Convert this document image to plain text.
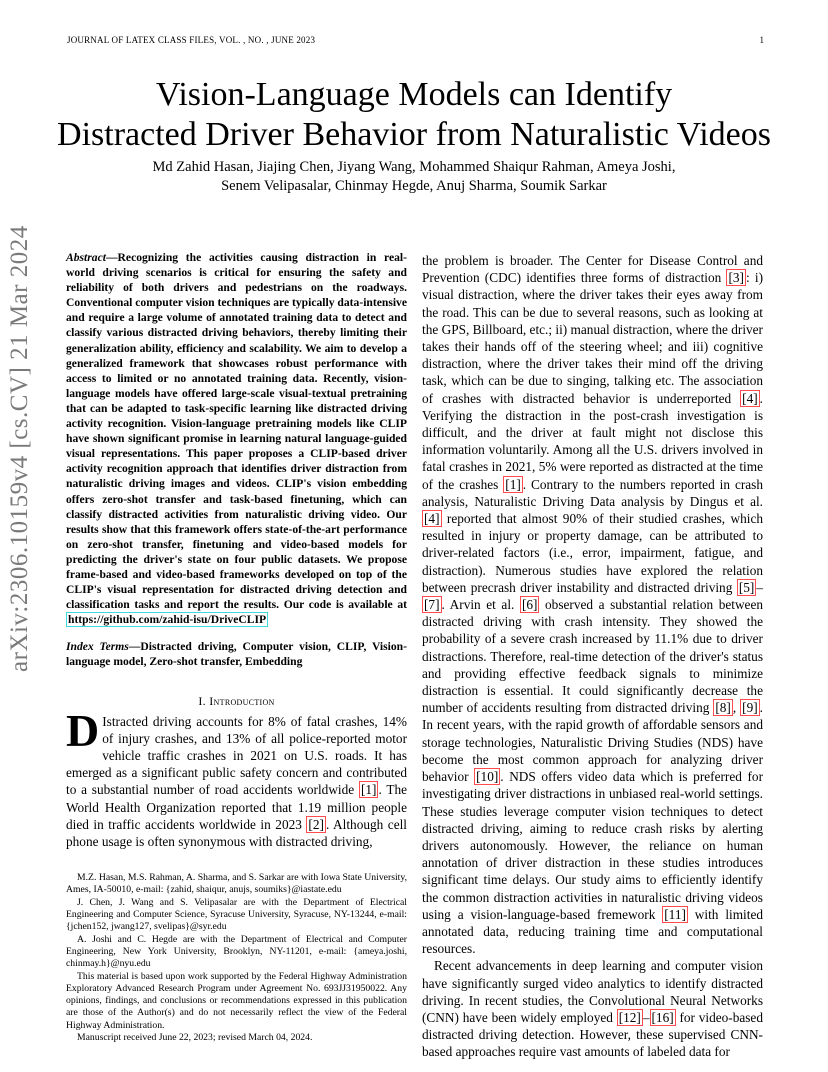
JOURNAL OF LATEX CLASS FILES, VOL. , NO. , JUNE 2023	1
arXiv:2306.10159v4 [cs.CV] 21 Mar 2024
Vision-Language Models can Identify
Distracted Driver Behavior from Naturalistic Videos
Md Zahid Hasan, Jiajing Chen, Jiyang Wang, Mohammed Shaiqur Rahman, Ameya Joshi,
Senem Velipasalar, Chinmay Hegde, Anuj Sharma, Soumik Sarkar

Abstract—Recognizing the activities causing distraction in real-world driving scenarios is critical for ensuring the safety and reliability of both drivers and pedestrians on the roadways. Conventional computer vision techniques are typically data-intensive and require a large volume of annotated training data to detect and classify various distracted driving behaviors, thereby limiting their generalization ability, efficiency and scalability. We aim to develop a generalized framework that showcases robust performance with access to limited or no annotated training data. Recently, vision-language models have offered large-scale visual-textual pretraining that can be adapted to task-specific learning like distracted driving activity recognition. Vision-language pretraining models like CLIP have shown significant promise in learning natural language-guided visual representations. This paper proposes a CLIP-based driver activity recognition approach that identifies driver distraction from naturalistic driving images and videos. CLIP's vision embedding offers zero-shot transfer and task-based finetuning, which can classify distracted activities from naturalistic driving video. Our results show that this framework offers state-of-the-art performance on zero-shot transfer, finetuning and video-based models for predicting the driver's state on four public datasets. We propose frame-based and video-based frameworks developed on top of the CLIP's visual representation for distracted driving detection and classification tasks and report the results. Our code is available at https://github.com/zahid-isu/DriveCLIP

Index Terms—Distracted driving, Computer vision, CLIP, Vision-language model, Zero-shot transfer, Embedding

I. Introduction

D Istracted driving accounts for 8% of fatal crashes, 14% of injury crashes, and 13% of all police-reported motor vehicle traffic crashes in 2021 on U.S. roads. It has emerged as a significant public safety concern and contributed to a substantial number of road accidents worldwide [1] . The World Health Organization reported that 1.19 million people died in traffic accidents worldwide in 2023 [2] . Although cell phone usage is often synonymous with distracted driving,

M.Z. Hasan, M.S. Rahman, A. Sharma, and S. Sarkar are with Iowa State University, Ames, IA-50010, e-mail: {zahid, shaiqur, anujs, soumiks}@iastate.edu

J. Chen, J. Wang and S. Velipasalar are with the Department of Electrical Engineering and Computer Science, Syracuse University, Syracuse, NY-13244, e-mail: {jchen152, jwang127, svelipas}@syr.edu

A. Joshi and C. Hegde are with the Department of Electrical and Computer Engineering, New York University, Brooklyn, NY-11201, e-mail: {ameya.joshi, chinmay.h}@nyu.edu

This material is based upon work supported by the Federal Highway Administration Exploratory Advanced Research Program under Agreement No. 693JJ31950022. Any opinions, findings, and conclusions or recommendations expressed in this publication are those of the Author(s) and do not necessarily reflect the view of the Federal Highway Administration.

Manuscript received June 22, 2023; revised March 04, 2024.

the problem is broader. The Center for Disease Control and Prevention (CDC) identifies three forms of distraction [3] : i) visual distraction, where the driver takes their eyes away from the road. This can be due to several reasons, such as looking at the GPS, Billboard, etc.; ii) manual distraction, where the driver takes their hands off of the steering wheel; and iii) cognitive distraction, where the driver takes their mind off the driving task, which can be due to singing, talking etc. The association of crashes with distracted behavior is underreported [4] . Verifying the distraction in the post-crash investigation is difficult, and the driver at fault might not disclose this information voluntarily. Among all the U.S. drivers involved in fatal crashes in 2021, 5% were reported as distracted at the time of the crashes [1] . Contrary to the numbers reported in crash analysis, Naturalistic Driving Data analysis by Dingus et al. [4] reported that almost 90% of their studied crashes, which resulted in injury or property damage, can be attributed to driver-related factors (i.e., error, impairment, fatigue, and distraction). Numerous studies have explored the relation between precrash driver instability and distracted driving [5] –[7] . Arvin et al. [6] observed a substantial relation between distracted driving with crash intensity. They showed the probability of a severe crash increased by 11.1% due to driver distractions. Therefore, real-time detection of the driver's status and providing effective feedback signals to minimize distraction is essential. It could significantly decrease the number of accidents resulting from distracted driving [8] , [9] . In recent years, with the rapid growth of affordable sensors and storage technologies, Naturalistic Driving Studies (NDS) have become the most common approach for analyzing driver behavior [10] . NDS offers video data which is preferred for investigating driver distractions in unbiased real-world settings. These studies leverage computer vision techniques to detect distracted driving, aiming to reduce crash risks by alerting drivers autonomously. However, the reliance on human annotation of driver distraction in these studies introduces significant time delays. Our study aims to efficiently identify the common distraction activities in naturalistic driving videos using a vision-language-based fremework [11] with limited annotated data, reducing training time and computational resources.

Recent advancements in deep learning and computer vision have significantly surged video analytics to identify distracted driving. In recent studies, the Convolutional Neural Networks (CNN) have been widely employed [12] – [16] for video-based distracted driving detection. However, these supervised CNN-based approaches require vast amounts of labeled data for
